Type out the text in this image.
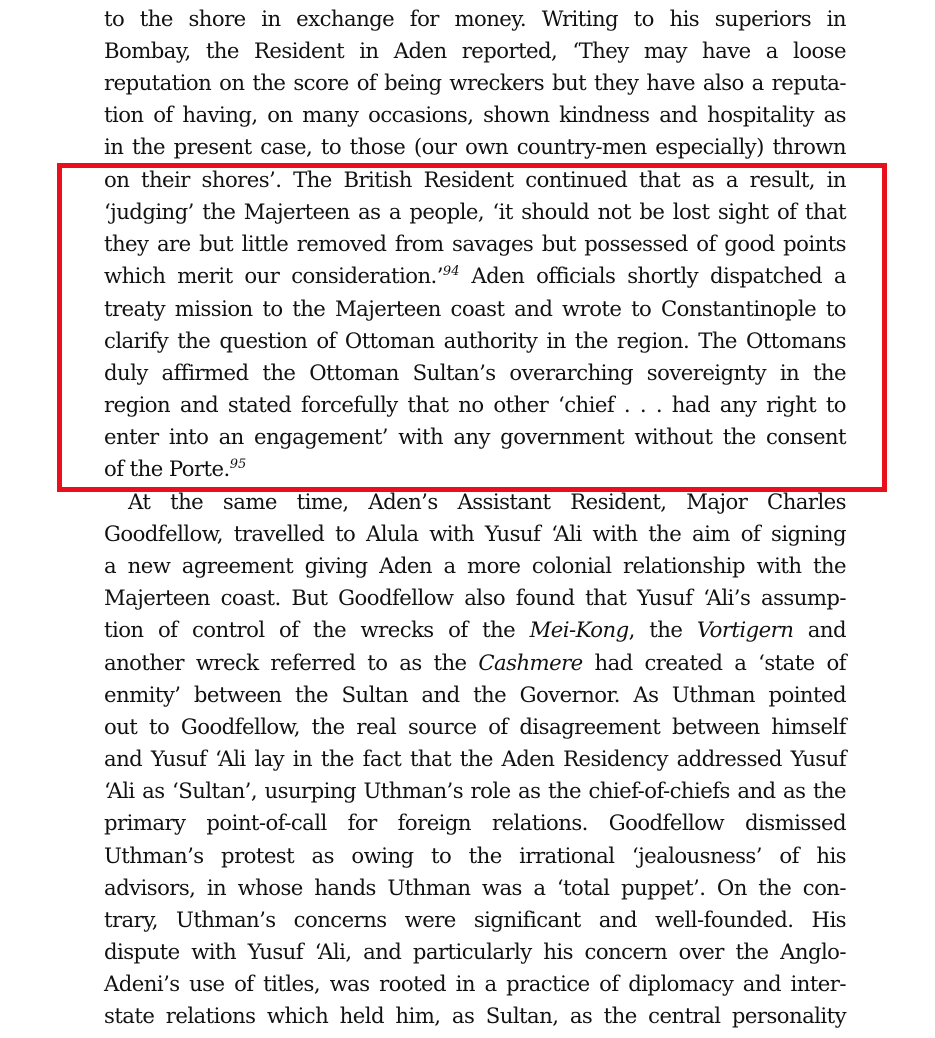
to the shore in exchange for money. Writing to his superiors in
Bombay, the Resident in Aden reported, ‘They may have a loose
reputation on the score of being wreckers but they have also a reputa-
tion of having, on many occasions, shown kindness and hospitality as
in the present case, to those (our own country-men especially) thrown
on their shores’. The British Resident continued that as a result, in
‘judging’ the Majerteen as a people, ‘it should not be lost sight of that
they are but little removed from savages but possessed of good points
which merit our consideration.’$^{94}$ Aden officials shortly dispatched a
treaty mission to the Majerteen coast and wrote to Constantinople to
clarify the question of Ottoman authority in the region. The Ottomans
duly affirmed the Ottoman Sultan’s overarching sovereignty in the
region and stated forcefully that no other ‘chief . . . had any right to
enter into an engagement’ with any government without the consent
of the Porte.$^{95}$
At the same time, Aden’s Assistant Resident, Major Charles
Goodfellow, travelled to Alula with Yusuf ‘Ali with the aim of signing
a new agreement giving Aden a more colonial relationship with the
Majerteen coast. But Goodfellow also found that Yusuf ‘Ali’s assump-
tion of control of the wrecks of the Mei-Kong, the Vortigern and
another wreck referred to as the Cashmere had created a ‘state of
enmity’ between the Sultan and the Governor. As Uthman pointed
out to Goodfellow, the real source of disagreement between himself
and Yusuf ‘Ali lay in the fact that the Aden Residency addressed Yusuf
‘Ali as ‘Sultan’, usurping Uthman’s role as the chief-of-chiefs and as the
primary point-of-call for foreign relations. Goodfellow dismissed
Uthman’s protest as owing to the irrational ‘jealousness’ of his
advisors, in whose hands Uthman was a ‘total puppet’. On the con-
trary, Uthman’s concerns were significant and well-founded. His
dispute with Yusuf ‘Ali, and particularly his concern over the Anglo-
Adeni’s use of titles, was rooted in a practice of diplomacy and inter-
state relations which held him, as Sultan, as the central personality
